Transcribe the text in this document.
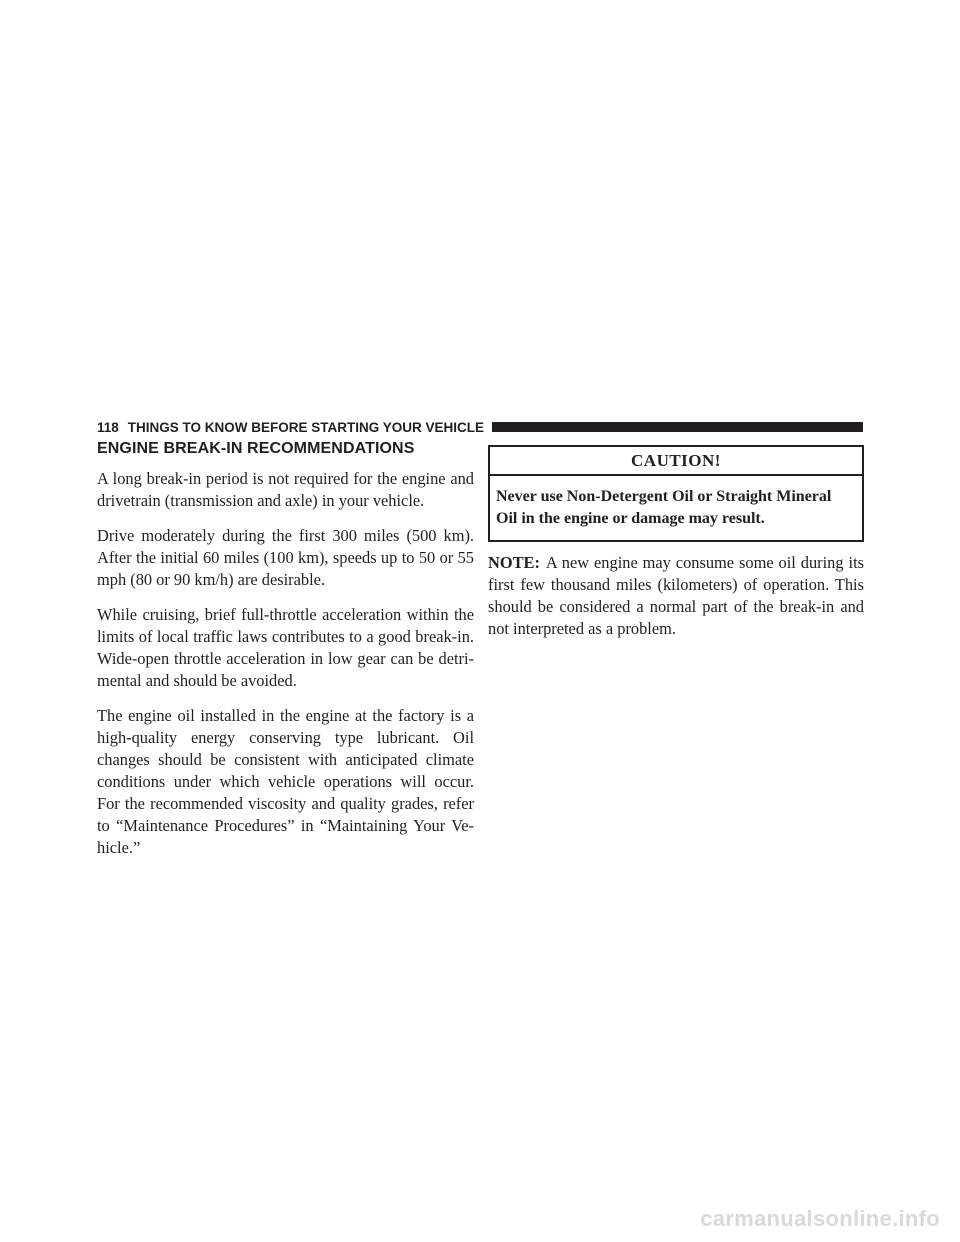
118 THINGS TO KNOW BEFORE STARTING YOUR VEHICLE
ENGINE BREAK-IN RECOMMENDATIONS

A long break-in period is not required for the engine and drivetrain (transmission and axle) in your vehicle.

Drive moderately during the first 300 miles (500 km). After the initial 60 miles (100 km), speeds up to 50 or 55 mph (80 or 90 km/h) are desirable.

While cruising, brief full-throttle acceleration within the limits of local traffic laws contributes to a good break-in. Wide-open throttle acceleration in low gear can be detri-mental and should be avoided.

The engine oil installed in the engine at the factory is a high-quality energy conserving type lubricant. Oil changes should be consistent with anticipated climate conditions under which vehicle operations will occur. For the recommended viscosity and quality grades, refer to “Maintenance Procedures” in “Maintaining Your Ve-hicle.”

CAUTION!
Never use Non-Detergent Oil or Straight Mineral Oil in the engine or damage may result.

NOTE: A new engine may consume some oil during its first few thousand miles (kilometers) of operation. This should be considered a normal part of the break-in and not interpreted as a problem.

carmanualsonline.info
